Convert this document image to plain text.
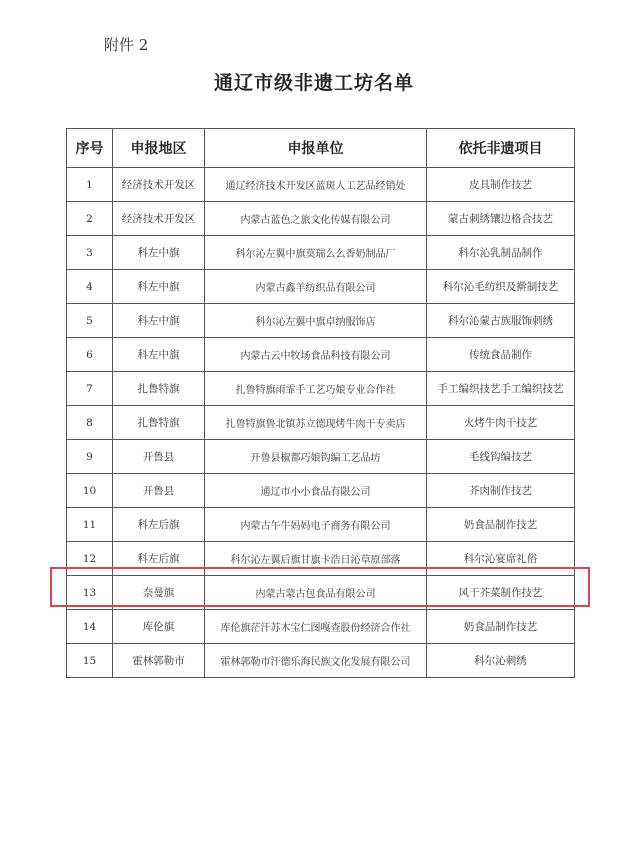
附件 2
通辽市级非遗工坊名单
序号	申报地区	申报单位	依托非遗项目
1	经济技术开发区	通辽经济技术开发区蓝斑人工艺品经销处	皮具制作技艺
2	经济技术开发区	内蒙古蓝色之旅文化传媒有限公司	蒙古刺绣镶边格合技艺
3	科左中旗	科尔沁左翼中旗莫瑞么么香奶制品厂	科尔沁乳制品制作
4	科左中旗	内蒙古鑫羊纺织品有限公司	科尔沁毛纺织及擀制技艺
5	科左中旗	科尔沁左翼中旗卓纳服饰店	科尔沁蒙古族服饰刺绣
6	科左中旗	内蒙古云中牧场食品科技有限公司	传统食品制作
7	扎鲁特旗	扎鲁特旗雨霏手工艺巧娘专业合作社	手工编织技艺手工编织技艺
8	扎鲁特旗	扎鲁特旗鲁北镇苏立德现烤牛肉干专卖店	火烤牛肉干技艺
9	开鲁县	开鲁县椒都巧娘钩编工艺品坊	毛线钩编技艺
10	开鲁县	通辽市小小食品有限公司	芥肉制作技艺
11	科左后旗	内蒙古午牛妈妈电子商务有限公司	奶食品制作技艺
12	科左后旗	科尔沁左翼后旗甘旗卡浩日沁草原部落	科尔沁宴席礼俗
13	奈曼旗	内蒙古蒙古包食品有限公司	风干芥菜制作技艺
14	库伦旗	库伦旗茫汗苏木宝仁图嘎查股份经济合作社	奶食品制作技艺
15	霍林郭勒市	霍林郭勒市汗德乐海民族文化发展有限公司	科尔沁刺绣
